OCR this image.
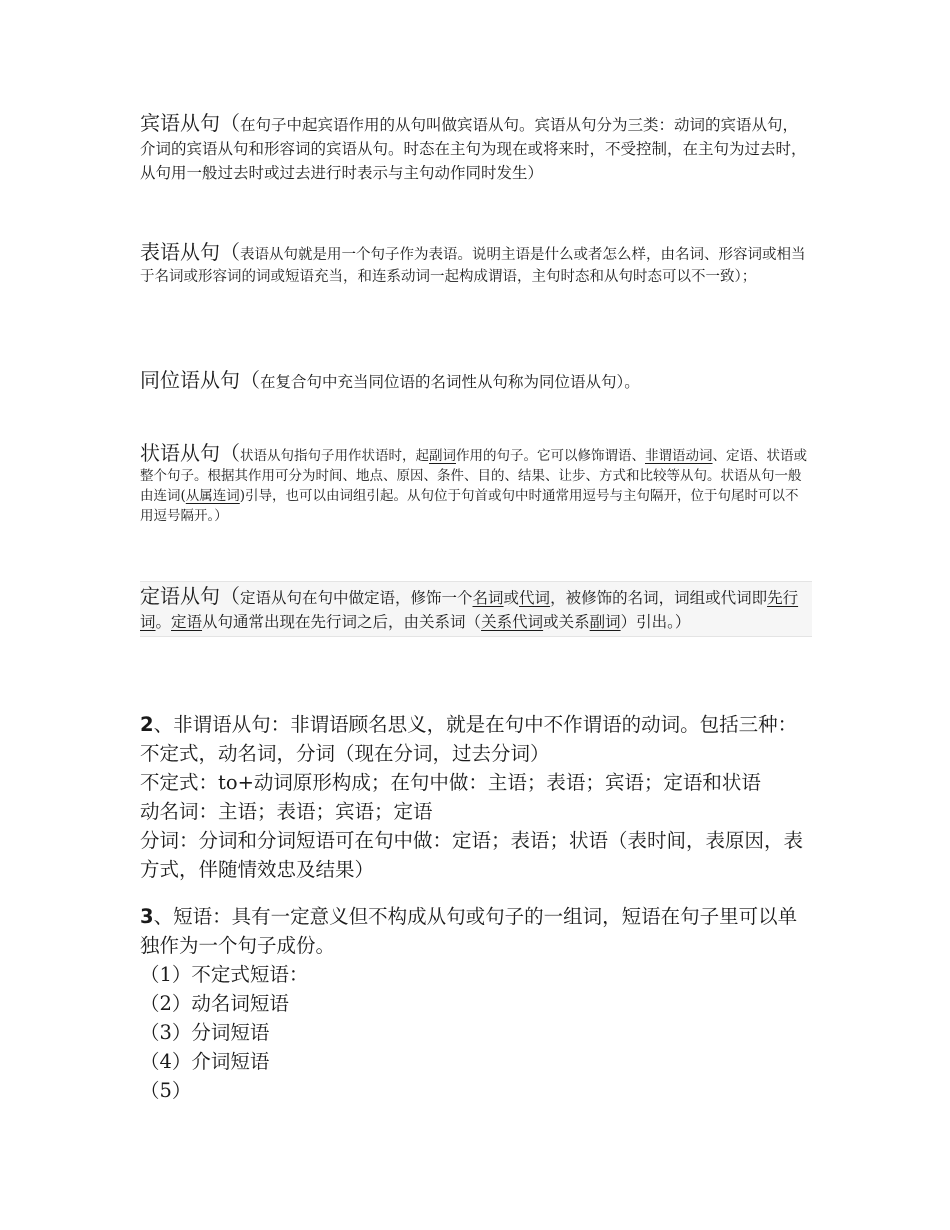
宾语从句（在句子中起宾语作用的从句叫做宾语从句。宾语从句分为三类：动词的宾语从句，介词的宾语从句和形容词的宾语从句。时态在主句为现在或将来时，不受控制，在主句为过去时，从句用一般过去时或过去进行时表示与主句动作同时发生）
表语从句（表语从句就是用一个句子作为表语。说明主语是什么或者怎么样，由名词、形容词或相当于名词或形容词的词或短语充当，和连系动词一起构成谓语，主句时态和从句时态可以不一致）；
同位语从句（在复合句中充当同位语的名词性从句称为同位语从句）。
状语从句（状语从句指句子用作状语时，起副词作用的句子。它可以修饰谓语、非谓语动词、定语、状语或整个句子。根据其作用可分为时间、地点、原因、条件、目的、结果、让步、方式和比较等从句。状语从句一般由连词(从属连词)引导，也可以由词组引起。从句位于句首或句中时通常用逗号与主句隔开，位于句尾时可以不用逗号隔开。）
定语从句（定语从句在句中做定语，修饰一个名词或代词，被修饰的名词，词组或代词即先行词。定语从句通常出现在先行词之后，由关系词（关系代词或关系副词）引出。）

2、非谓语从句：非谓语顾名思义，就是在句中不作谓语的动词。包括三种：不定式，动名词，分词（现在分词，过去分词）

不定式：to+动词原形构成；在句中做：主语；表语；宾语；定语和状语

动名词：主语；表语；宾语；定语

分词：分词和分词短语可在句中做：定语；表语；状语（表时间，表原因，表方式，伴随情效忠及结果）

3、短语：具有一定意义但不构成从句或句子的一组词，短语在句子里可以单独作为一个句子成份。

（1）不定式短语：

（2）动名词短语

（3）分词短语

（4）介词短语

（5）
